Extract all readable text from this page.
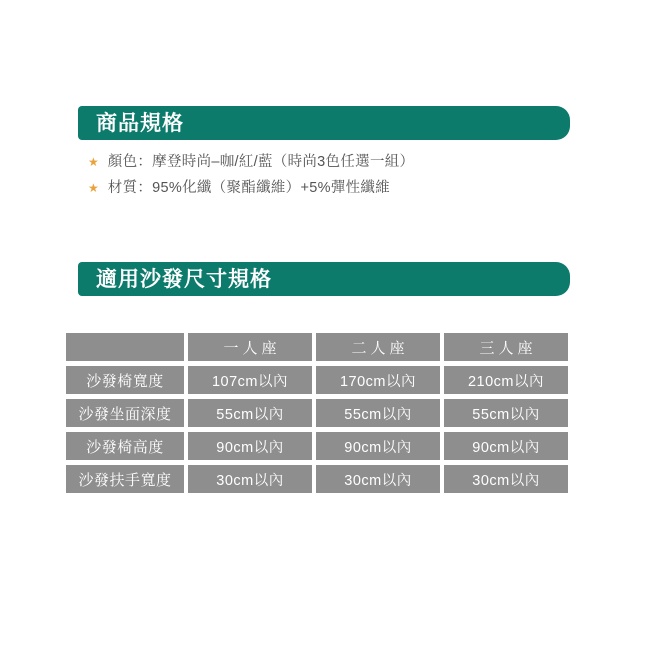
商品規格
★ 顏色：摩登時尚–咖/紅/藍（時尚3色任選一組）
★ 材質：95%化纖（聚酯纖維）+5%彈性纖維
適用沙發尺寸規格
	一人座	二人座	三人座
沙發椅寬度	107cm以內	170cm以內	210cm以內
沙發坐面深度	55cm以內	55cm以內	55cm以內
沙發椅高度	90cm以內	90cm以內	90cm以內
沙發扶手寬度	30cm以內	30cm以內	30cm以內
